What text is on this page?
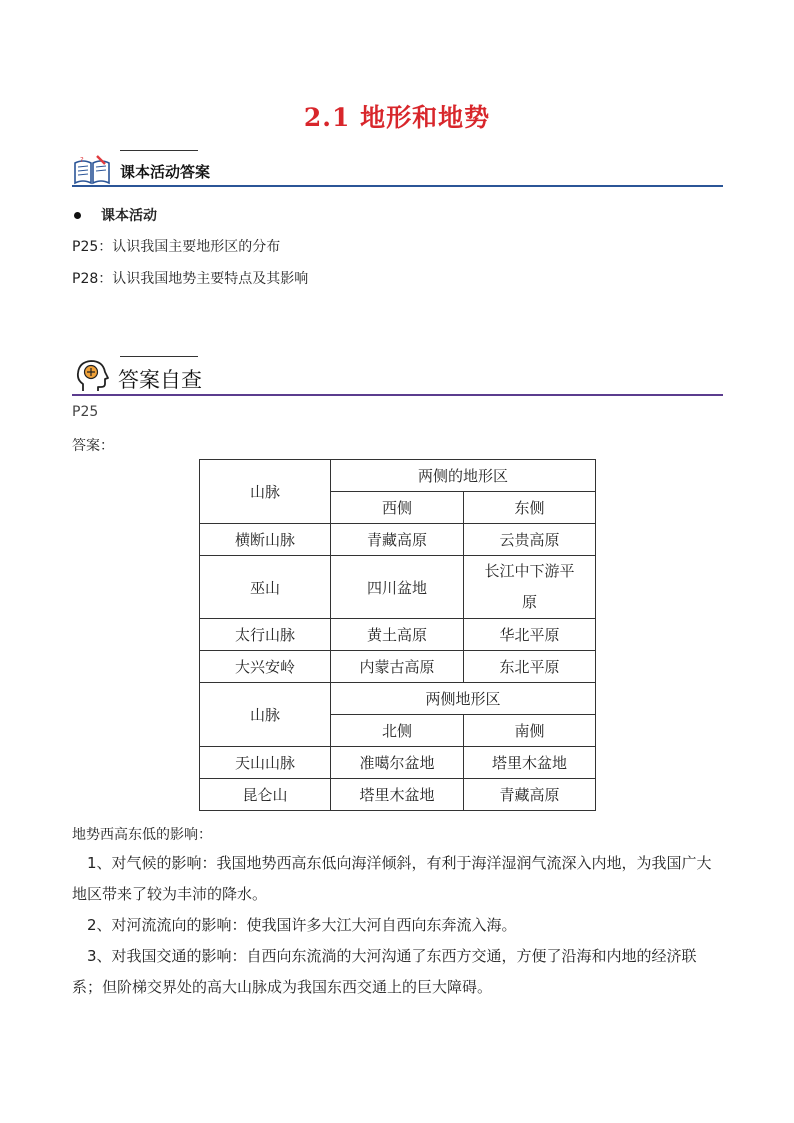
2.1 地形和地势
?
课本活动答案
课本活动
P25：认识我国主要地形区的分布
P28：认识我国地势主要特点及其影响
答案自查
P25
答案：
山脉	两侧的地形区	
	西侧	东侧
横断山脉	青藏高原	云贵高原
巫山	四川盆地	长江中下游平原
太行山脉	黄土高原	华北平原
大兴安岭	内蒙古高原	东北平原
山脉	两侧地形区	
	北侧	南侧
天山山脉	准噶尔盆地	塔里木盆地
昆仑山	塔里木盆地	青藏高原
地势西高东低的影响：
1、对气候的影响：我国地势西高东低向海洋倾斜，有利于海洋湿润气流深入内地，为我国广大地区带来了较为丰沛的降水。
2、对河流流向的影响：使我国许多大江大河自西向东奔流入海。
3、对我国交通的影响：自西向东流淌的大河沟通了东西方交通，方便了沿海和内地的经济联系；但阶梯交界处的高大山脉成为我国东西交通上的巨大障碍。
